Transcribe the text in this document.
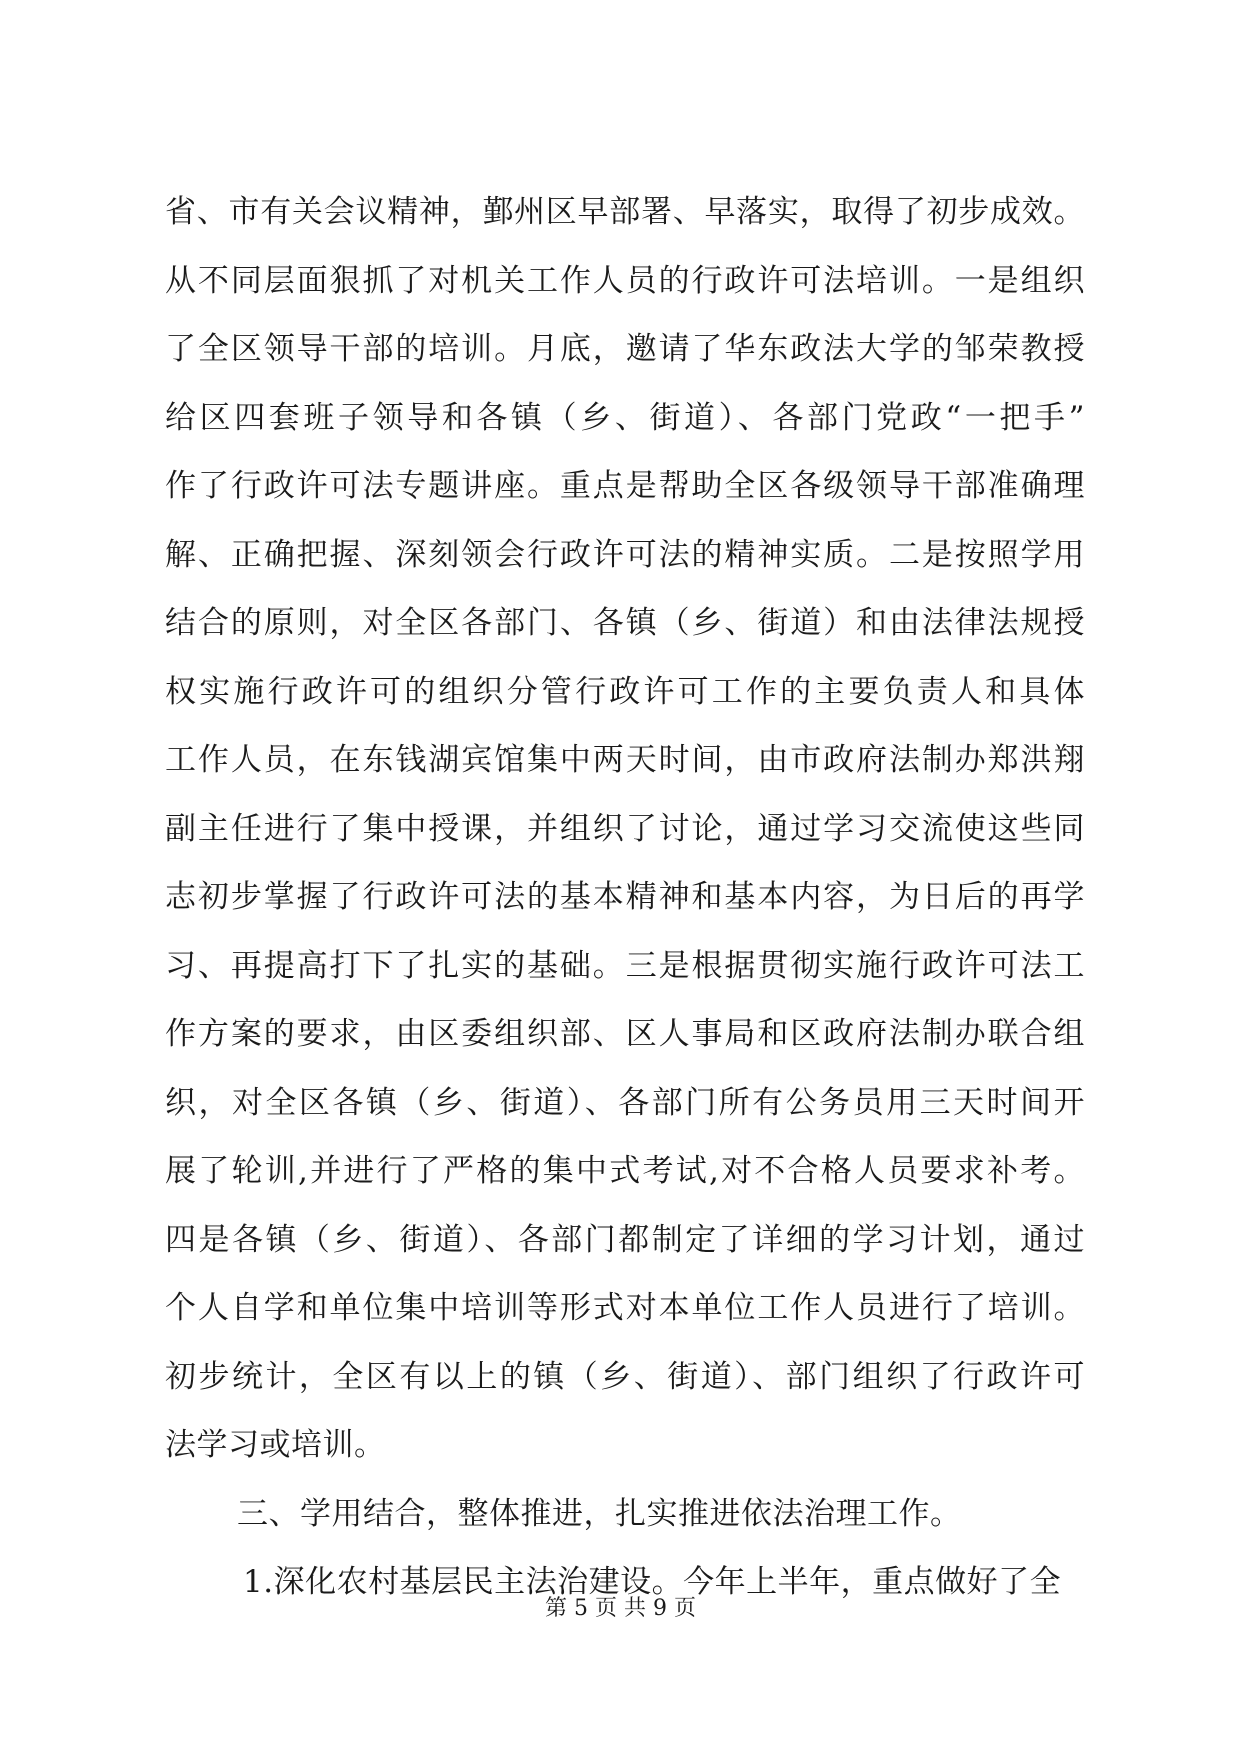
省、市有关会议精神，鄞州区早部署、早落实，取得了初步成效。
从不同层面狠抓了对机关工作人员的行政许可法培训。一是组织
了全区领导干部的培训。月底，邀请了华东政法大学的邹荣教授
给区四套班子领导和各镇（乡、街道）、各部门党政“一把手”
作了行政许可法专题讲座。重点是帮助全区各级领导干部准确理
解、正确把握、深刻领会行政许可法的精神实质。二是按照学用
结合的原则，对全区各部门、各镇（乡、街道）和由法律法规授
权实施行政许可的组织分管行政许可工作的主要负责人和具体
工作人员，在东钱湖宾馆集中两天时间，由市政府法制办郑洪翔
副主任进行了集中授课，并组织了讨论，通过学习交流使这些同
志初步掌握了行政许可法的基本精神和基本内容，为日后的再学
习、再提高打下了扎实的基础。三是根据贯彻实施行政许可法工
作方案的要求，由区委组织部、区人事局和区政府法制办联合组
织，对全区各镇（乡、街道）、各部门所有公务员用三天时间开
展了轮训,并进行了严格的集中式考试,对不合格人员要求补考。
四是各镇（乡、街道）、各部门都制定了详细的学习计划，通过
个人自学和单位集中培训等形式对本单位工作人员进行了培训。
初步统计，全区有以上的镇（乡、街道）、部门组织了行政许可
法学习或培训。
三、学用结合，整体推进，扎实推进依法治理工作。
1.深化农村基层民主法治建设。今年上半年，重点做好了全
第 5 页 共 9 页
